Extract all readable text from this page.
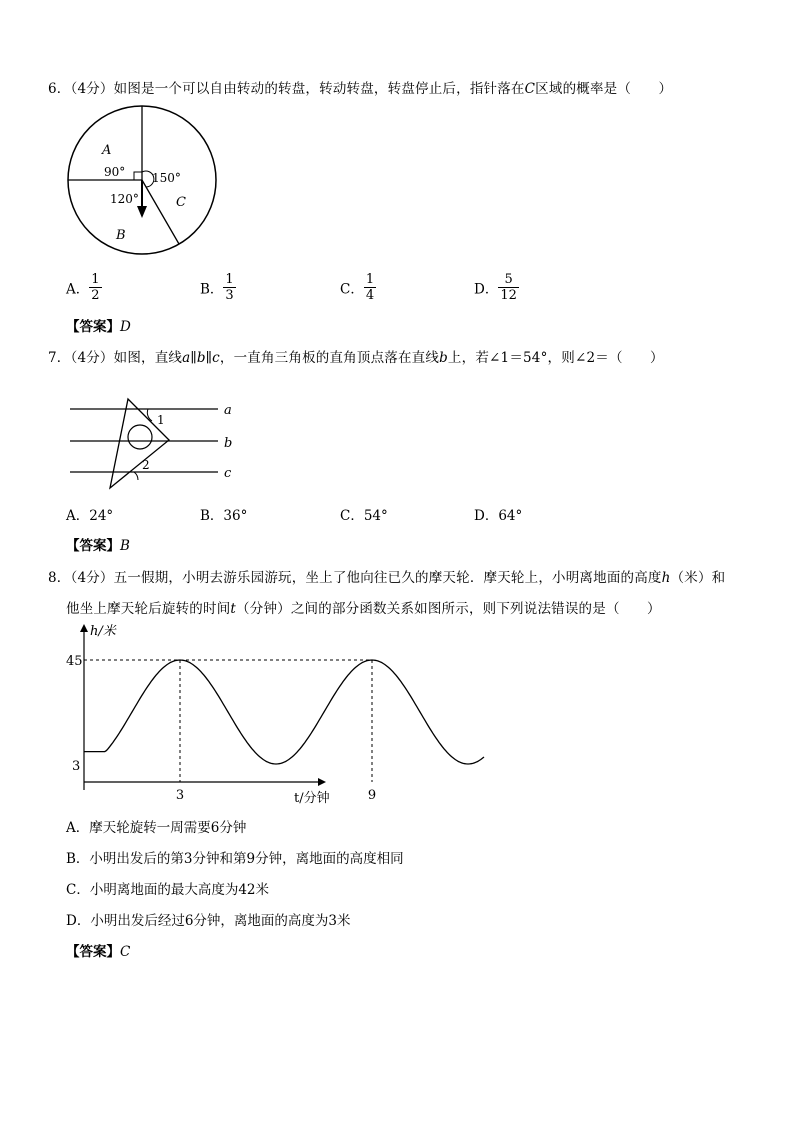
6．（4分）如图是一个可以自由转动的转盘，转动转盘，转盘停止后，指针落在C区域的概率是（　　）
A
90° 150°
120°	C
B
A． $\frac{1}{2}$	B． $\frac{1}{3}$	C． $\frac{1}{4}$	D． $\frac{5}{12}$
【答案】D
7．（4分）如图，直线a∥b∥c，一直角三角板的直角顶点落在直线b上，若∠1＝54°，则∠2＝（　　）
a
b
c
1
2
A．24°	B．36°	C．54°	D．64°
【答案】B
8．（4分）五一假期，小明去游乐园游玩，坐上了他向往已久的摩天轮．摩天轮上，小明离地面的高度h（米）和
他坐上摩天轮后旋转的时间t（分钟）之间的部分函数关系如图所示，则下列说法错误的是（　　）
h/米
t/分钟
45
3
3	9
A．摩天轮旋转一周需要6分钟
B．小明出发后的第3分钟和第9分钟，离地面的高度相同
C．小明离地面的最大高度为42米
D．小明出发后经过6分钟，离地面的高度为3米
【答案】C
